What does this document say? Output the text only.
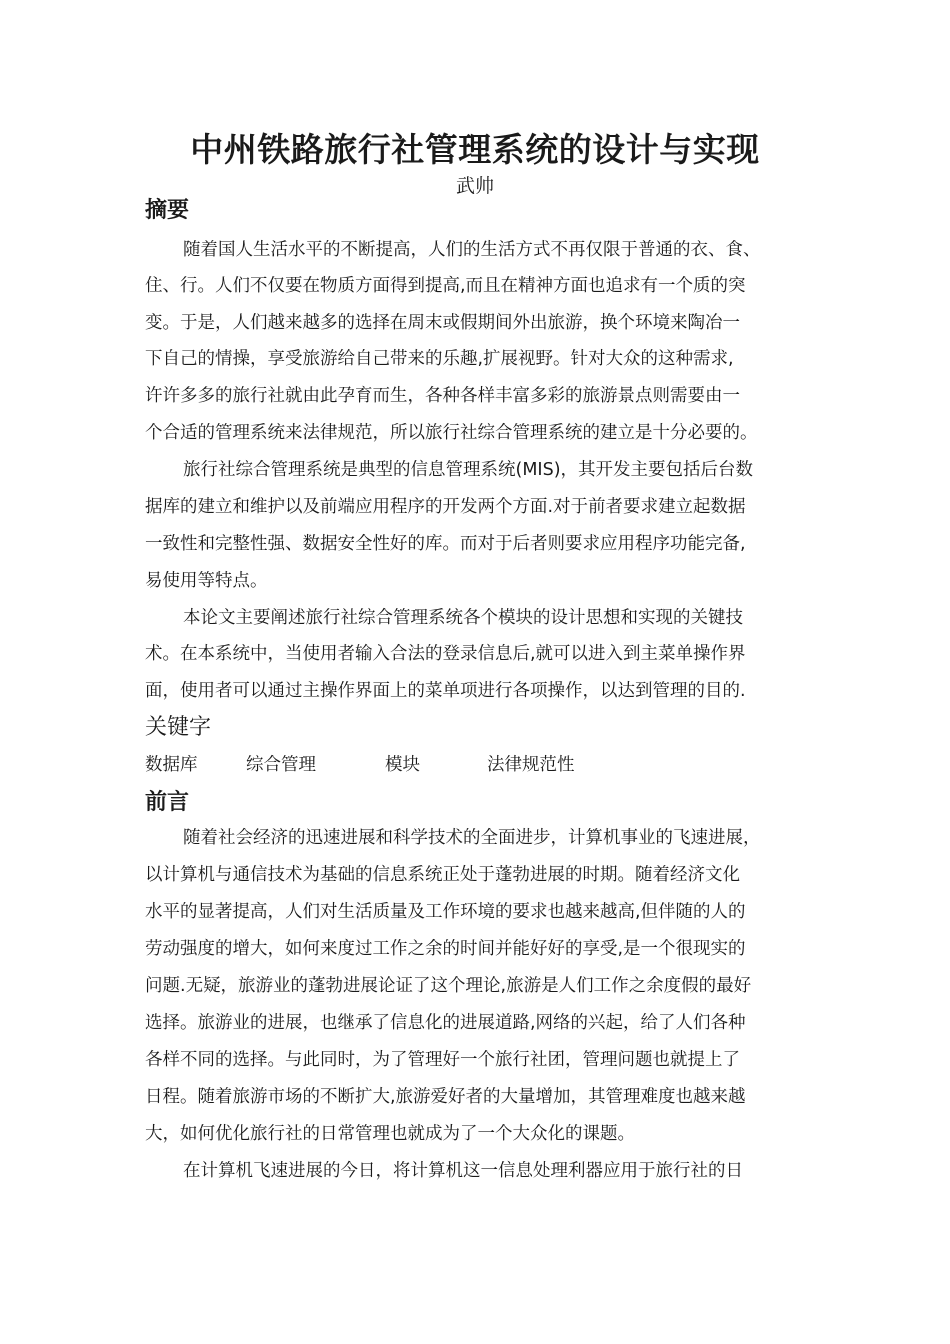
中州铁路旅行社管理系统的设计与实现
武帅
摘要
随着国人生活水平的不断提高，人们的生活方式不再仅限于普通的衣、食、
住、行。人们不仅要在物质方面得到提高,而且在精神方面也追求有一个质的突
变。于是，人们越来越多的选择在周末或假期间外出旅游，换个环境来陶冶一
下自己的情操，享受旅游给自己带来的乐趣,扩展视野。针对大众的这种需求,
许许多多的旅行社就由此孕育而生，各种各样丰富多彩的旅游景点则需要由一
个合适的管理系统来法律规范，所以旅行社综合管理系统的建立是十分必要的。
旅行社综合管理系统是典型的信息管理系统(MIS)，其开发主要包括后台数
据库的建立和维护以及前端应用程序的开发两个方面.对于前者要求建立起数据
一致性和完整性强、数据安全性好的库。而对于后者则要求应用程序功能完备,
易使用等特点。
本论文主要阐述旅行社综合管理系统各个模块的设计思想和实现的关键技
术。在本系统中，当使用者输入合法的登录信息后,就可以进入到主菜单操作界
面，使用者可以通过主操作界面上的菜单项进行各项操作，以达到管理的目的.
关键字
数据库	综合管理	模块	法律规范性
前言
随着社会经济的迅速进展和科学技术的全面进步，计算机事业的飞速进展，
以计算机与通信技术为基础的信息系统正处于蓬勃进展的时期。随着经济文化
水平的显著提高，人们对生活质量及工作环境的要求也越来越高,但伴随的人的
劳动强度的增大，如何来度过工作之余的时间并能好好的享受,是一个很现实的
问题.无疑，旅游业的蓬勃进展论证了这个理论,旅游是人们工作之余度假的最好
选择。旅游业的进展，也继承了信息化的进展道路,网络的兴起，给了人们各种
各样不同的选择。与此同时，为了管理好一个旅行社团，管理问题也就提上了
日程。随着旅游市场的不断扩大,旅游爱好者的大量增加，其管理难度也越来越
大，如何优化旅行社的日常管理也就成为了一个大众化的课题。
在计算机飞速进展的今日，将计算机这一信息处理利器应用于旅行社的日
